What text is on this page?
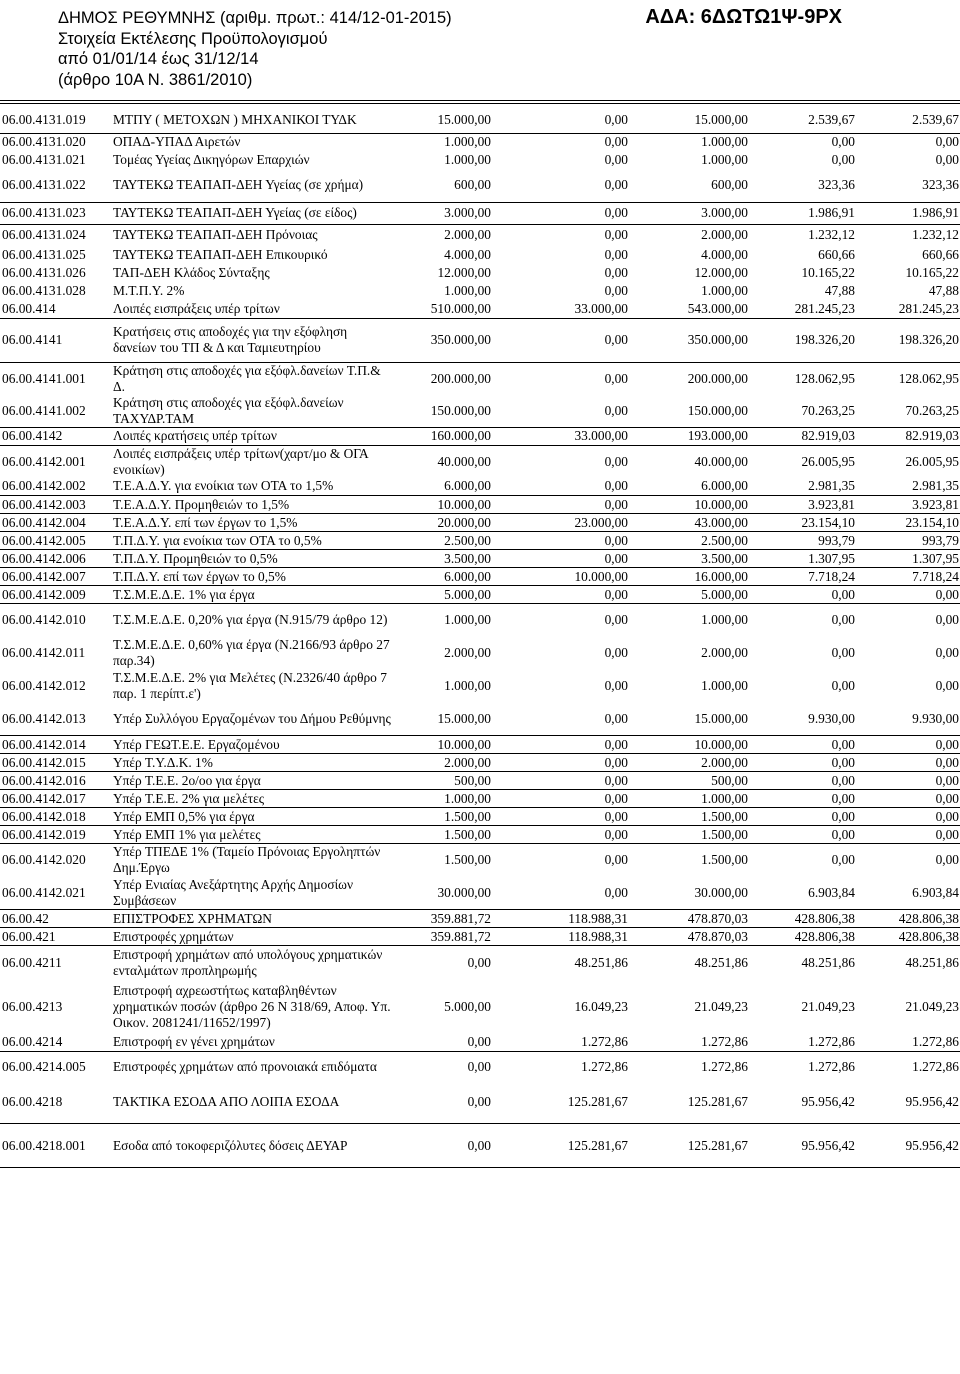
ΔΗΜΟΣ ΡΕΘΥΜΝΗΣ (αριθμ. πρωτ.: 414/12-01-2015)
Στοιχεία Εκτέλεσης Προϋπολογισμού
από 01/01/14 έως 31/12/14
(άρθρο 10Α Ν. 3861/2010)
ΑΔΑ: 6ΔΩΤΩ1Ψ-9ΡΧ
06.00.4131.019	ΜΤΠΥ ( ΜΕΤΟΧΩΝ ) ΜΗΧΑΝΙΚΟΙ ΤΥΔΚ	15.000,00	0,00	15.000,00	2.539,67	2.539,67
06.00.4131.020	ΟΠΑΔ-ΥΠΑΔ Αιρετών	1.000,00	0,00	1.000,00	0,00	0,00
06.00.4131.021	Τομέας Υγείας Δικηγόρων Επαρχιών	1.000,00	0,00	1.000,00	0,00	0,00
06.00.4131.022	ΤΑΥΤΕΚΩ ΤΕΑΠΑΠ-ΔΕΗ Υγείας (σε χρήμα)	600,00	0,00	600,00	323,36	323,36
06.00.4131.023	ΤΑΥΤΕΚΩ ΤΕΑΠΑΠ-ΔΕΗ Υγείας (σε είδος)	3.000,00	0,00	3.000,00	1.986,91	1.986,91
06.00.4131.024	ΤΑΥΤΕΚΩ ΤΕΑΠΑΠ-ΔΕΗ Πρόνοιας	2.000,00	0,00	2.000,00	1.232,12	1.232,12
06.00.4131.025	ΤΑΥΤΕΚΩ ΤΕΑΠΑΠ-ΔΕΗ Επικουρικό	4.000,00	0,00	4.000,00	660,66	660,66
06.00.4131.026	ΤΑΠ-ΔΕΗ Κλάδος Σύνταξης	12.000,00	0,00	12.000,00	10.165,22	10.165,22
06.00.4131.028	Μ.Τ.Π.Υ. 2%	1.000,00	0,00	1.000,00	47,88	47,88
06.00.414	Λοιπές εισπράξεις υπέρ τρίτων	510.000,00	33.000,00	543.000,00	281.245,23	281.245,23
06.00.4141	Κρατήσεις στις αποδοχές για την εξόφληση δανείων του ΤΠ & Δ και Ταμιευτηρίου	350.000,00	0,00	350.000,00	198.326,20	198.326,20
06.00.4141.001	Κράτηση στις αποδοχές για εξόφλ.δανείων Τ.Π.& Δ.	200.000,00	0,00	200.000,00	128.062,95	128.062,95
06.00.4141.002	Κράτηση στις αποδοχές για εξόφλ.δανείων ΤΑΧΥΔΡ.ΤΑΜ	150.000,00	0,00	150.000,00	70.263,25	70.263,25
06.00.4142	Λοιπές κρατήσεις υπέρ τρίτων	160.000,00	33.000,00	193.000,00	82.919,03	82.919,03
06.00.4142.001	Λοιπές εισπράξεις υπέρ τρίτων(χαρτ/μο & ΟΓΑ ενοικίων)	40.000,00	0,00	40.000,00	26.005,95	26.005,95
06.00.4142.002	Τ.Ε.Α.Δ.Υ. για ενοίκια των ΟΤΑ το 1,5%	6.000,00	0,00	6.000,00	2.981,35	2.981,35
06.00.4142.003	Τ.Ε.Α.Δ.Υ. Προμηθειών το 1,5%	10.000,00	0,00	10.000,00	3.923,81	3.923,81
06.00.4142.004	Τ.Ε.Α.Δ.Υ. επί των έργων το 1,5%	20.000,00	23.000,00	43.000,00	23.154,10	23.154,10
06.00.4142.005	Τ.Π.Δ.Υ. για ενοίκια των ΟΤΑ το 0,5%	2.500,00	0,00	2.500,00	993,79	993,79
06.00.4142.006	Τ.Π.Δ.Υ. Προμηθειών το 0,5%	3.500,00	0,00	3.500,00	1.307,95	1.307,95
06.00.4142.007	Τ.Π.Δ.Υ. επί των έργων το 0,5%	6.000,00	10.000,00	16.000,00	7.718,24	7.718,24
06.00.4142.009	Τ.Σ.Μ.Ε.Δ.Ε. 1% για έργα	5.000,00	0,00	5.000,00	0,00	0,00
06.00.4142.010	Τ.Σ.Μ.Ε.Δ.Ε. 0,20% για έργα (Ν.915/79 άρθρο 12)	1.000,00	0,00	1.000,00	0,00	0,00
06.00.4142.011	Τ.Σ.Μ.Ε.Δ.Ε. 0,60% για έργα (Ν.2166/93 άρθρο 27 παρ.34)	2.000,00	0,00	2.000,00	0,00	0,00
06.00.4142.012	Τ.Σ.Μ.Ε.Δ.Ε. 2% για Μελέτες (Ν.2326/40 άρθρο 7 παρ. 1 περίπτ.ε')	1.000,00	0,00	1.000,00	0,00	0,00
06.00.4142.013	Υπέρ Συλλόγου Εργαζομένων του Δήμου Ρεθύμνης	15.000,00	0,00	15.000,00	9.930,00	9.930,00
06.00.4142.014	Υπέρ ΓΕΩΤ.Ε.Ε. Εργαζομένου	10.000,00	0,00	10.000,00	0,00	0,00
06.00.4142.015	Υπέρ Τ.Υ.Δ.Κ. 1%	2.000,00	0,00	2.000,00	0,00	0,00
06.00.4142.016	Υπέρ Τ.Ε.Ε. 2ο/οο για έργα	500,00	0,00	500,00	0,00	0,00
06.00.4142.017	Υπέρ Τ.Ε.Ε. 2% για μελέτες	1.000,00	0,00	1.000,00	0,00	0,00
06.00.4142.018	Υπέρ ΕΜΠ 0,5% για έργα	1.500,00	0,00	1.500,00	0,00	0,00
06.00.4142.019	Υπέρ ΕΜΠ 1% για μελέτες	1.500,00	0,00	1.500,00	0,00	0,00
06.00.4142.020	Υπέρ ΤΠΕΔΕ 1% (Ταμείο Πρόνοιας Εργοληπτών Δημ.Έργω	1.500,00	0,00	1.500,00	0,00	0,00
06.00.4142.021	Υπέρ Ενιαίας Ανεξάρτητης Αρχής Δημοσίων Συμβάσεων	30.000,00	0,00	30.000,00	6.903,84	6.903,84
06.00.42	ΕΠΙΣΤΡΟΦΕΣ ΧΡΗΜΑΤΩΝ	359.881,72	118.988,31	478.870,03	428.806,38	428.806,38
06.00.421	Επιστροφές χρημάτων	359.881,72	118.988,31	478.870,03	428.806,38	428.806,38
06.00.4211	Επιστροφή χρημάτων από υπολόγους χρηματικών ενταλμάτων προπληρωμής	0,00	48.251,86	48.251,86	48.251,86	48.251,86
06.00.4213	Επιστροφή αχρεωστήτως καταβληθέντων χρηματικών ποσών (άρθρο 26 Ν 318/69, Αποφ. Υπ. Οικον. 2081241/11652/1997)	5.000,00	16.049,23	21.049,23	21.049,23	21.049,23
06.00.4214	Επιστροφή εν γένει χρημάτων	0,00	1.272,86	1.272,86	1.272,86	1.272,86
06.00.4214.005	Επιστροφές χρημάτων από προνοιακά επιδόματα	0,00	1.272,86	1.272,86	1.272,86	1.272,86
06.00.4218	ΤΑΚΤΙΚΑ ΕΣΟΔΑ ΑΠΟ ΛΟΙΠΑ ΕΣΟΔΑ	0,00	125.281,67	125.281,67	95.956,42	95.956,42
06.00.4218.001	Εσοδα από τοκοφεριζόλυτες δόσεις ΔΕΥΑΡ	0,00	125.281,67	125.281,67	95.956,42	95.956,42
